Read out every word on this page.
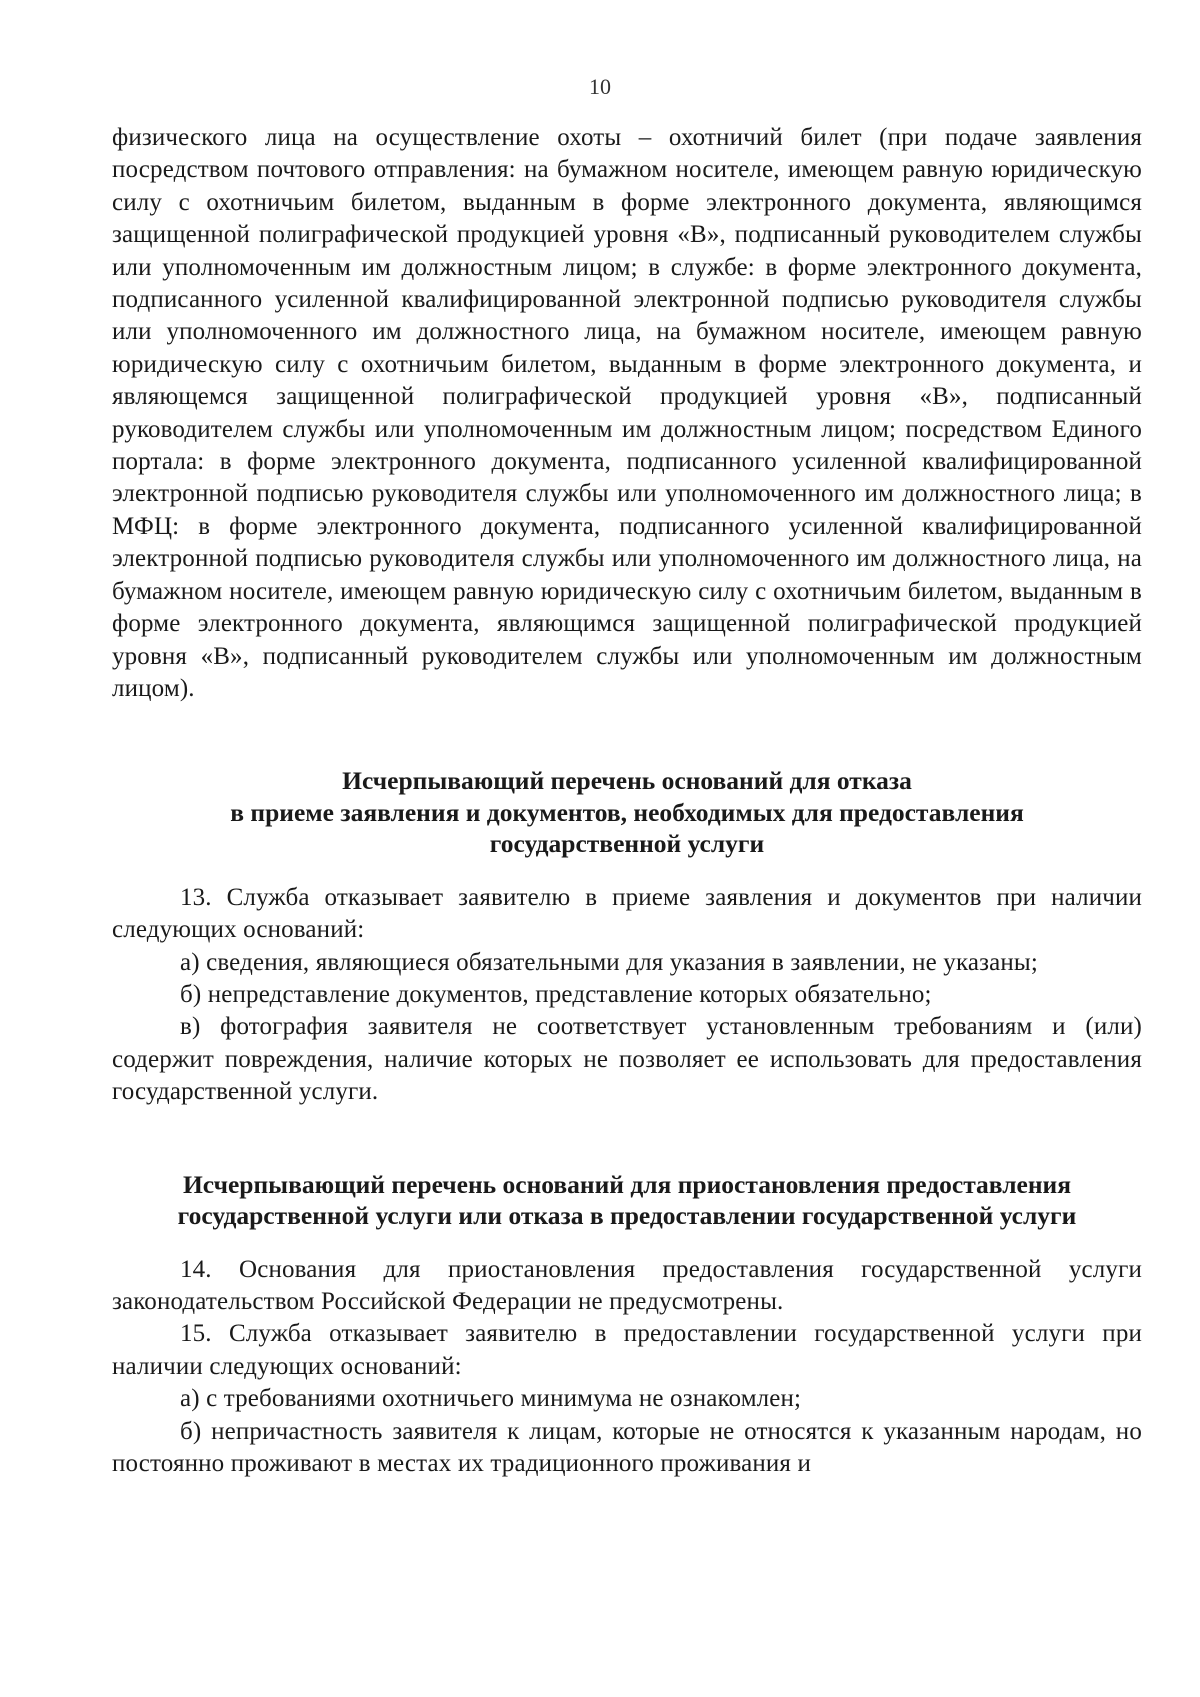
10

физического лица на осуществление охоты – охотничий билет (при подаче заявления посредством почтового отправления: на бумажном носителе, имеющем равную юридическую силу с охотничьим билетом, выданным в форме электронного документа, являющимся защищенной полиграфической продукцией уровня «В», подписанный руководителем службы или уполномоченным им должностным лицом; в службе: в форме электронного документа, подписанного усиленной квалифицированной электронной подписью руководителя службы или уполномоченного им должностного лица, на бумажном носителе, имеющем равную юридическую силу с охотничьим билетом, выданным в форме электронного документа, и являющемся защищенной полиграфической продукцией уровня «В», подписанный руководителем службы или уполномоченным им должностным лицом; посредством Единого портала: в форме электронного документа, подписанного усиленной квалифицированной электронной подписью руководителя службы или уполномоченного им должностного лица; в МФЦ: в форме электронного документа, подписанного усиленной квалифицированной электронной подписью руководителя службы или уполномоченного им должностного лица, на бумажном носителе, имеющем равную юридическую силу с охотничьим билетом, выданным в форме электронного документа, являющимся защищенной полиграфической продукцией уровня «В», подписанный руководителем службы или уполномоченным им должностным лицом).

Исчерпывающий перечень оснований для отказа
в приеме заявления и документов, необходимых для предоставления
государственной услуги

13. Служба отказывает заявителю в приеме заявления и документов при наличии следующих оснований:

а) сведения, являющиеся обязательными для указания в заявлении, не указаны;

б) непредставление документов, представление которых обязательно;

в) фотография заявителя не соответствует установленным требованиям и (или) содержит повреждения, наличие которых не позволяет ее использовать для предоставления государственной услуги.

Исчерпывающий перечень оснований для приостановления предоставления
государственной услуги или отказа в предоставлении государственной услуги

14. Основания для приостановления предоставления государственной услуги законодательством Российской Федерации не предусмотрены.

15. Служба отказывает заявителю в предоставлении государственной услуги при наличии следующих оснований:

а) с требованиями охотничьего минимума не ознакомлен;

б) непричастность заявителя к лицам, которые не относятся к указанным народам, но постоянно проживают в местах их традиционного проживания и
